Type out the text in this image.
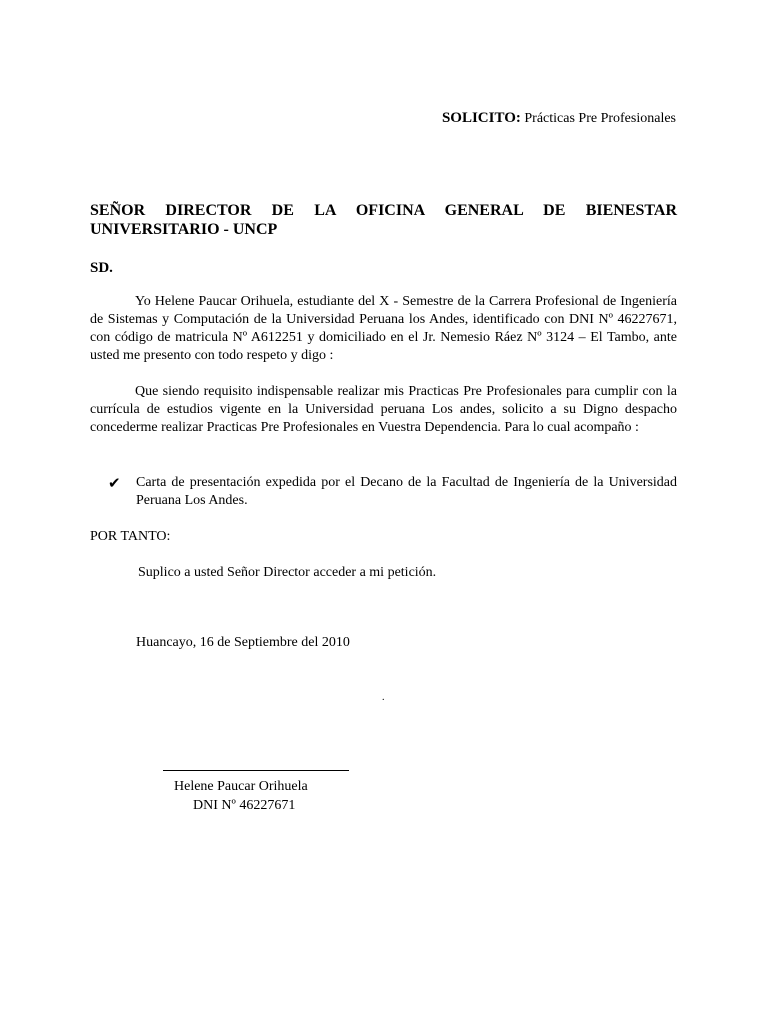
SOLICITO: Prácticas Pre Profesionales
SEÑOR DIRECTOR DE LA OFICINA GENERAL DE BIENESTAR UNIVERSITARIO - UNCP
SD.
Yo Helene Paucar Orihuela, estudiante del X - Semestre de la Carrera Profesional de Ingeniería de Sistemas y Computación de la Universidad Peruana los Andes, identificado con DNI Nº 46227671, con código de matricula Nº A612251 y domiciliado en el Jr. Nemesio Ráez Nº 3124 – El Tambo, ante usted me presento con todo respeto y digo :
Que siendo requisito indispensable realizar mis Practicas Pre Profesionales para cumplir con la currícula de estudios vigente en la Universidad peruana Los andes, solicito a su Digno despacho concederme realizar Practicas Pre Profesionales en Vuestra Dependencia. Para lo cual acompaño :
✔ Carta de presentación expedida por el Decano de la Facultad de Ingeniería de la Universidad Peruana Los Andes.
POR TANTO:
Suplico a usted Señor Director acceder a mi petición.
Huancayo, 16 de Septiembre del 2010
.
Helene Paucar Orihuela
DNI Nº 46227671
